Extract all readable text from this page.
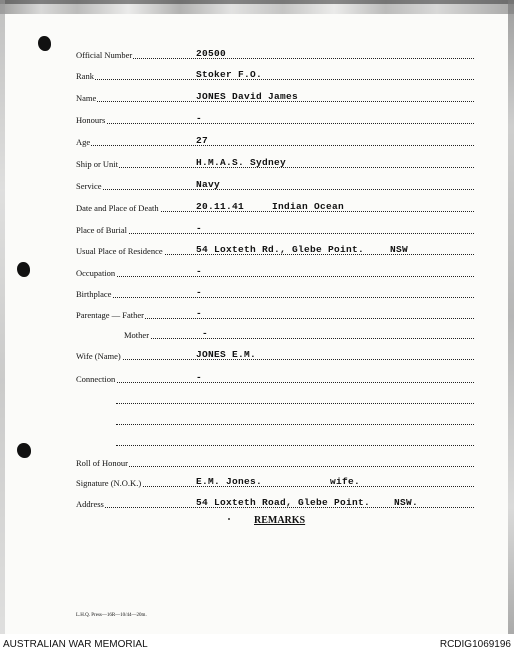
Official Number	20500
Rank	Stoker F.O.
Name	JONES David James
Honours	-
Age	27
Ship or Unit	H.M.A.S. Sydney
Service	Navy
Date and Place of Death	20.11.41	Indian Ocean
Place of Burial	-
Usual Place of Residence	54 Loxteth Rd., Glebe Point.	NSW
Occupation	-
Birthplace	-
Parentage — Father	-
Mother	-
Wife (Name)	JONES E.M.
Connection	-
Roll of Honour
Signature (N.O.K.)	E.M. Jones.	wife.
Address	54 Loxteth Road, Glebe Point.	NSW.
REMARKS
L.H.Q. Press—16R—10/44—20m.
AUSTRALIAN WAR MEMORIAL	RCDIG1069196
